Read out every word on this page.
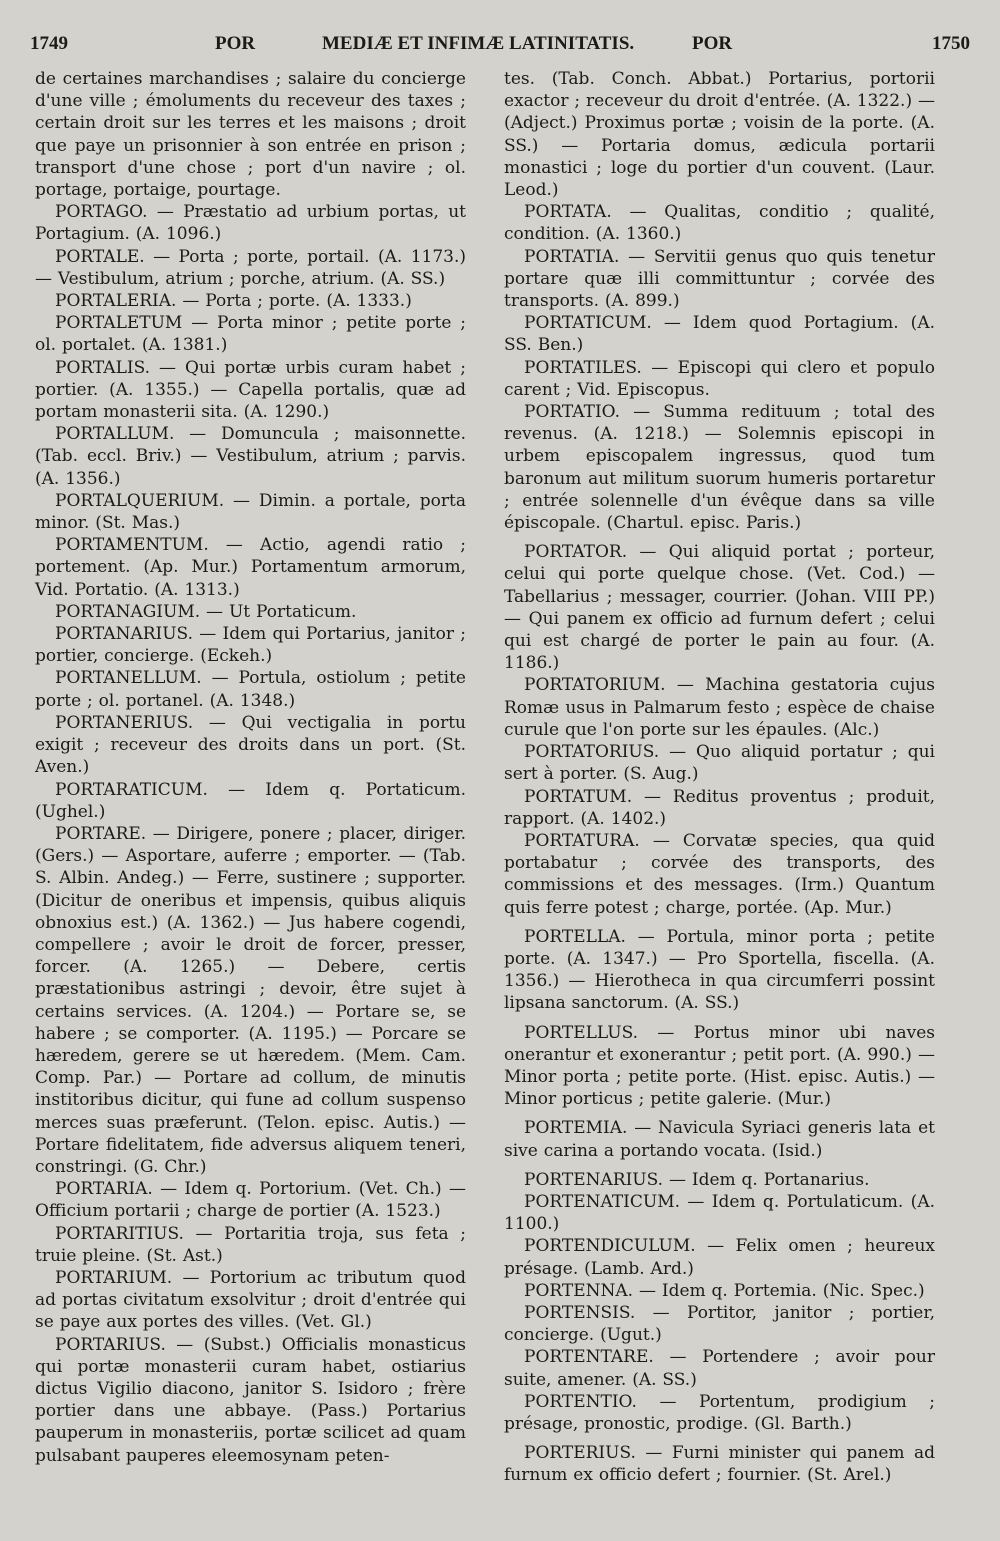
1749	POR	MEDIÆ ET INFIMÆ LATINITATIS.	POR	1750

de certaines marchandises ; salaire du concierge d'une ville ; émoluments du receveur des taxes ; certain droit sur les terres et les maisons ; droit que paye un prisonnier à son entrée en prison ; transport d'une chose ; port d'un navire ; ol. portage, portaige, pourtage.

PORTAGO. — Præstatio ad urbium portas, ut Portagium. (A. 1096.)

PORTALE. — Porta ; porte, portail. (A. 1173.) — Vestibulum, atrium ; porche, atrium. (A. SS.)

PORTALERIA. — Porta ; porte. (A. 1333.)

PORTALETUM — Porta minor ; petite porte ; ol. portalet. (A. 1381.)

PORTALIS. — Qui portæ urbis curam habet ; portier. (A. 1355.) — Capella portalis, quæ ad portam monasterii sita. (A. 1290.)

PORTALLUM. — Domuncula ; maisonnette. (Tab. eccl. Briv.) — Vestibulum, atrium ; parvis. (A. 1356.)

PORTALQUERIUM. — Dimin. a portale, porta minor. (St. Mas.)

PORTAMENTUM. — Actio, agendi ratio ; portement. (Ap. Mur.) Portamentum armorum, Vid. Portatio. (A. 1313.)

PORTANAGIUM. — Ut Portaticum.

PORTANARIUS. — Idem qui Portarius, janitor ; portier, concierge. (Eckeh.)

PORTANELLUM. — Portula, ostiolum ; petite porte ; ol. portanel. (A. 1348.)

PORTANERIUS. — Qui vectigalia in portu exigit ; receveur des droits dans un port. (St. Aven.)

PORTARATICUM. — Idem q. Portaticum. (Ughel.)

PORTARE. — Dirigere, ponere ; placer, diriger. (Gers.) — Asportare, auferre ; emporter. — (Tab. S. Albin. Andeg.) — Ferre, sustinere ; supporter. (Dicitur de oneribus et impensis, quibus aliquis obnoxius est.) (A. 1362.) — Jus habere cogendi, compellere ; avoir le droit de forcer, presser, forcer. (A. 1265.) — Debere, certis præstationibus astringi ; devoir, être sujet à certains services. (A. 1204.) — Portare se, se habere ; se comporter. (A. 1195.) — Porcare se hæredem, gerere se ut hæredem. (Mem. Cam. Comp. Par.) — Portare ad collum, de minutis institoribus dicitur, qui fune ad collum suspenso merces suas præferunt. (Telon. episc. Autis.) — Portare fidelitatem, fide adversus aliquem teneri, constringi. (G. Chr.)

PORTARIA. — Idem q. Portorium. (Vet. Ch.) — Officium portarii ; charge de portier (A. 1523.)

PORTARITIUS. — Portaritia troja, sus feta ; truie pleine. (St. Ast.)

PORTARIUM. — Portorium ac tributum quod ad portas civitatum exsolvitur ; droit d'entrée qui se paye aux portes des villes. (Vet. Gl.)

PORTARIUS. — (Subst.) Officialis monasticus qui portæ monasterii curam habet, ostiarius dictus Vigilio diacono, janitor S. Isidoro ; frère portier dans une abbaye. (Pass.) Portarius pauperum in monasteriis, portæ scilicet ad quam pulsabant pauperes eleemosynam peten-

tes. (Tab. Conch. Abbat.) Portarius, portorii exactor ; receveur du droit d'entrée. (A. 1322.) — (Adject.) Proximus portæ ; voisin de la porte. (A. SS.) — Portaria domus, ædicula portarii monastici ; loge du portier d'un couvent. (Laur. Leod.)

PORTATA. — Qualitas, conditio ; qualité, condition. (A. 1360.)

PORTATIA. — Servitii genus quo quis tenetur portare quæ illi committuntur ; corvée des transports. (A. 899.)

PORTATICUM. — Idem quod Portagium. (A. SS. Ben.)

PORTATILES. — Episcopi qui clero et populo carent ; Vid. Episcopus.

PORTATIO. — Summa redituum ; total des revenus. (A. 1218.) — Solemnis episcopi in urbem episcopalem ingressus, quod tum baronum aut militum suorum humeris portaretur ; entrée solennelle d'un évêque dans sa ville épiscopale. (Chartul. episc. Paris.)

PORTATOR. — Qui aliquid portat ; porteur, celui qui porte quelque chose. (Vet. Cod.) — Tabellarius ; messager, courrier. (Johan. VIII PP.) — Qui panem ex officio ad furnum defert ; celui qui est chargé de porter le pain au four. (A. 1186.)

PORTATORIUM. — Machina gestatoria cujus Romæ usus in Palmarum festo ; espèce de chaise curule que l'on porte sur les épaules. (Alc.)

PORTATORIUS. — Quo aliquid portatur ; qui sert à porter. (S. Aug.)

PORTATUM. — Reditus proventus ; produit, rapport. (A. 1402.)

PORTATURA. — Corvatæ species, qua quid portabatur ; corvée des transports, des commissions et des messages. (Irm.) Quantum quis ferre potest ; charge, portée. (Ap. Mur.)

PORTELLA. — Portula, minor porta ; petite porte. (A. 1347.) — Pro Sportella, fiscella. (A. 1356.) — Hierotheca in qua circumferri possint lipsana sanctorum. (A. SS.)

PORTELLUS. — Portus minor ubi naves onerantur et exonerantur ; petit port. (A. 990.) — Minor porta ; petite porte. (Hist. episc. Autis.) — Minor porticus ; petite galerie. (Mur.)

PORTEMIA. — Navicula Syriaci generis lata et sive carina a portando vocata. (Isid.)

PORTENARIUS. — Idem q. Portanarius.

PORTENATICUM. — Idem q. Portulaticum. (A. 1100.)

PORTENDICULUM. — Felix omen ; heureux présage. (Lamb. Ard.)

PORTENNA. — Idem q. Portemia. (Nic. Spec.)

PORTENSIS. — Portitor, janitor ; portier, concierge. (Ugut.)

PORTENTARE. — Portendere ; avoir pour suite, amener. (A. SS.)

PORTENTIO. — Portentum, prodigium ; présage, pronostic, prodige. (Gl. Barth.)

PORTERIUS. — Furni minister qui panem ad furnum ex officio defert ; fournier. (St. Arel.)
